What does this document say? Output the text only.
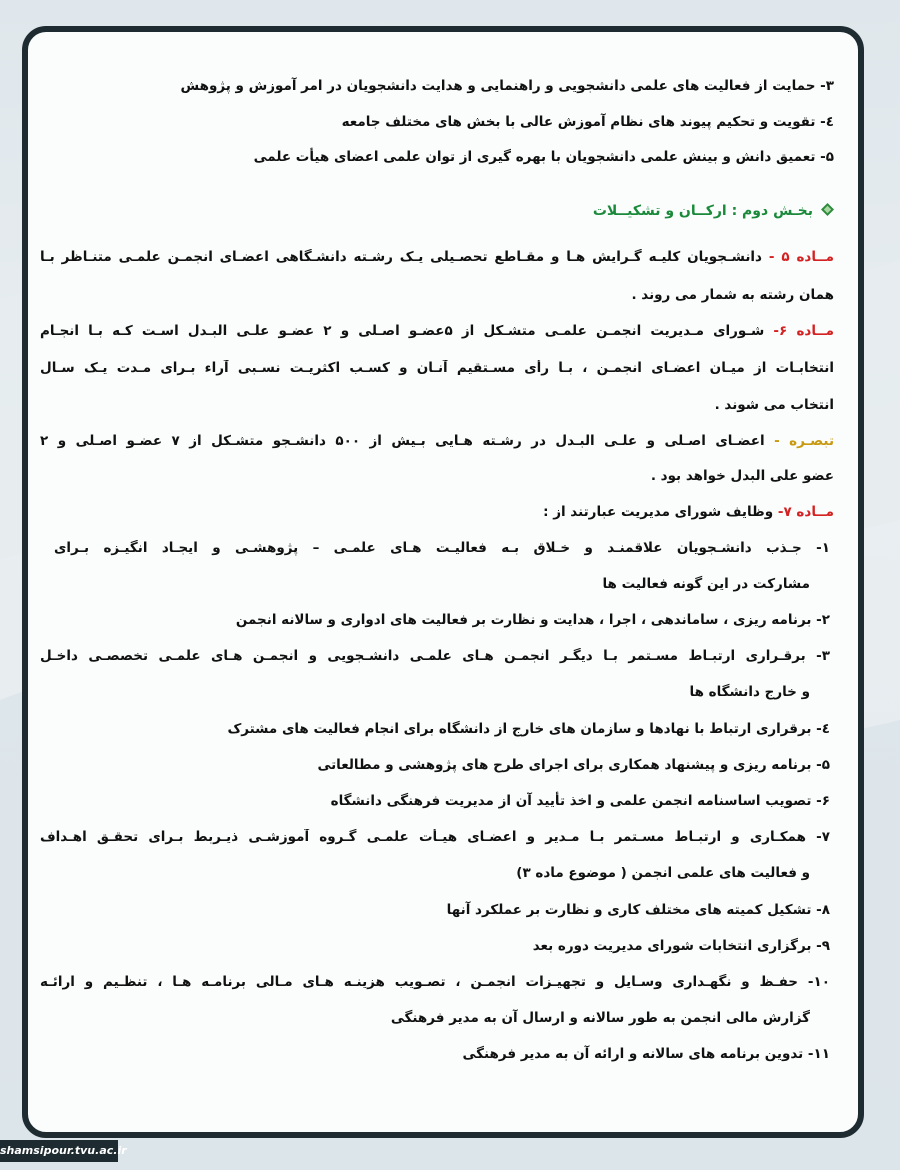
۳- حمایت از فعالیت های علمی دانشجویی و راهنمایی و هدایت دانشجویان در امر آموزش و پژوهش
٤- تقویت و تحکیم پیوند های نظام آموزش عالی با بخش های مختلف جامعه
۵- تعمیق دانش و بینش علمی دانشجویان با بهره گیری از توان علمی اعضای هیأت علمی
بخـش دوم : ارکــان و تشکیــلات
مــاده ۵ - دانشـجویان کلیـه گـرایش هـا و مقـاطع تحصـیلی یـک رشـته دانشـگاهی اعضـای انجمـن علمـی متنـاظر بـا
همان رشته به شمار می روند .
مــاده ۶- شـورای مـدیریت انجمـن علمـی متشـکل از ۵عضـو اصـلی و ۲ عضـو علـی البـدل اسـت کـه بـا انجـام
انتخابـات از میـان اعضـای انجمـن ، بـا رأی مسـتقیم آنـان و کسـب اکثریـت نسـبی آراء بـرای مـدت یـک سـال
انتخاب می شوند .
تبصـره - اعضـای اصـلی و علـی البـدل در رشـته هـایی بـیش از ۵۰۰ دانشـجو متشـکل از ۷ عضـو اصـلی و ۲
عضو علی البدل خواهد بود .
مــاده ۷- وظایف شورای مدیریت عبارتند از :
۱- جـذب دانشـجویان علاقمنـد و خـلاق بـه فعالیـت هـای علمـی – پژوهشـی و ایجـاد انگیـزه بـرای
مشارکت در این گونه فعالیت ها
۲- برنامه ریزی ، ساماندهی ، اجرا ، هدایت و نظارت بر فعالیت های ادواری و سالانه انجمن
۳- برقـراری ارتبـاط مسـتمر بـا دیگـر انجمـن هـای علمـی دانشـجویی و انجمـن هـای علمـی تخصصـی داخـل
و خارج دانشگاه ها
٤- برقراری ارتباط با نهادها و سازمان های خارج از دانشگاه برای انجام فعالیت های مشترک
۵- برنامه ریزی و پیشنهاد همکاری برای اجرای طرح های پژوهشی و مطالعاتی
۶- تصویب اساسنامه انجمن علمی و اخذ تأیید آن از مدیریت فرهنگی دانشگاه
۷- همکـاری و ارتبـاط مسـتمر بـا مـدیر و اعضـای هیـأت علمـی گـروه آموزشـی ذیـربط بـرای تحقـق اهـداف
و فعالیت های علمی انجمن ( موضوع ماده ۳)
۸- تشکیل کمیته های مختلف کاری و نظارت بر عملکرد آنها
۹- برگزاری انتخابات شورای مدیریت دوره بعد
۱۰- حفـظ و نگهـداری وسـایل و تجهیـزات انجمـن ، تصـویب هزینـه هـای مـالی برنامـه هـا ، تنظـیم و ارائـه
گزارش مالی انجمن به طور سالانه و ارسال آن به مدیر فرهنگی
۱۱- تدوین برنامه های سالانه و ارائه آن به مدیر فرهنگی
shamsipour.tvu.ac.ir
